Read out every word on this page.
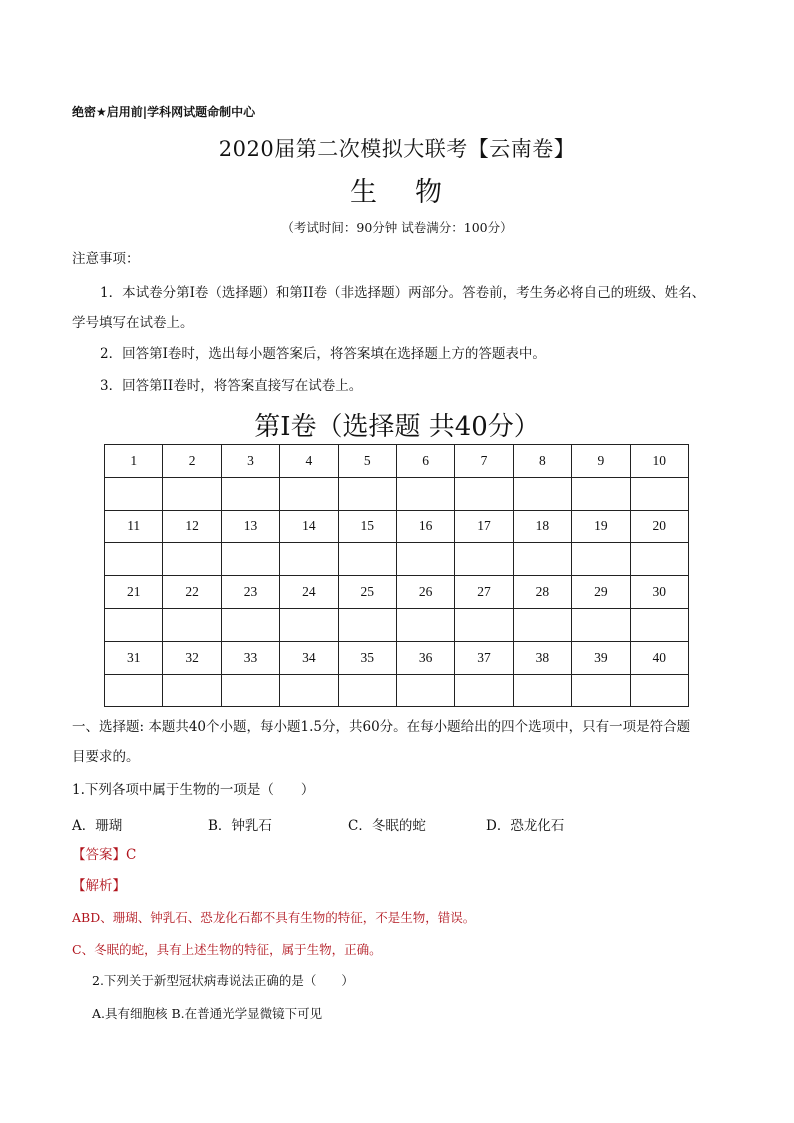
绝密★启用前|学科网试题命制中心
2020届第二次模拟大联考【云南卷】
生 物
（考试时间：90分钟 试卷满分：100分）
注意事项：
1．本试卷分第I卷（选择题）和第II卷（非选择题）两部分。答卷前，考生务必将自己的班级、姓名、
学号填写在试卷上。
2．回答第I卷时，选出每小题答案后，将答案填在选择题上方的答题表中。
3．回答第II卷时，将答案直接写在试卷上。
第I卷（选择题 共40分）
1	2	3	4	5	6	7	8	9	10

11	12	13	14	15	16	17	18	19	20

21	22	23	24	25	26	27	28	29	30

31	32	33	34	35	36	37	38	39	40

一、选择题: 本题共40个小题，每小题1.5分，共60分。在每小题给出的四个选项中，只有一项是符合题
目要求的。
1.下列各项中属于生物的一项是（　　）
A．珊瑚	B．钟乳石	C．冬眠的蛇	D．恐龙化石
【答案】C
【解析】
ABD、珊瑚、钟乳石、恐龙化石都不具有生物的特征，不是生物，错误。
C、冬眠的蛇，具有上述生物的特征，属于生物，正确。
2.下列关于新型冠状病毒说法正确的是（　　）
A.具有细胞核 B.在普通光学显微镜下可见
